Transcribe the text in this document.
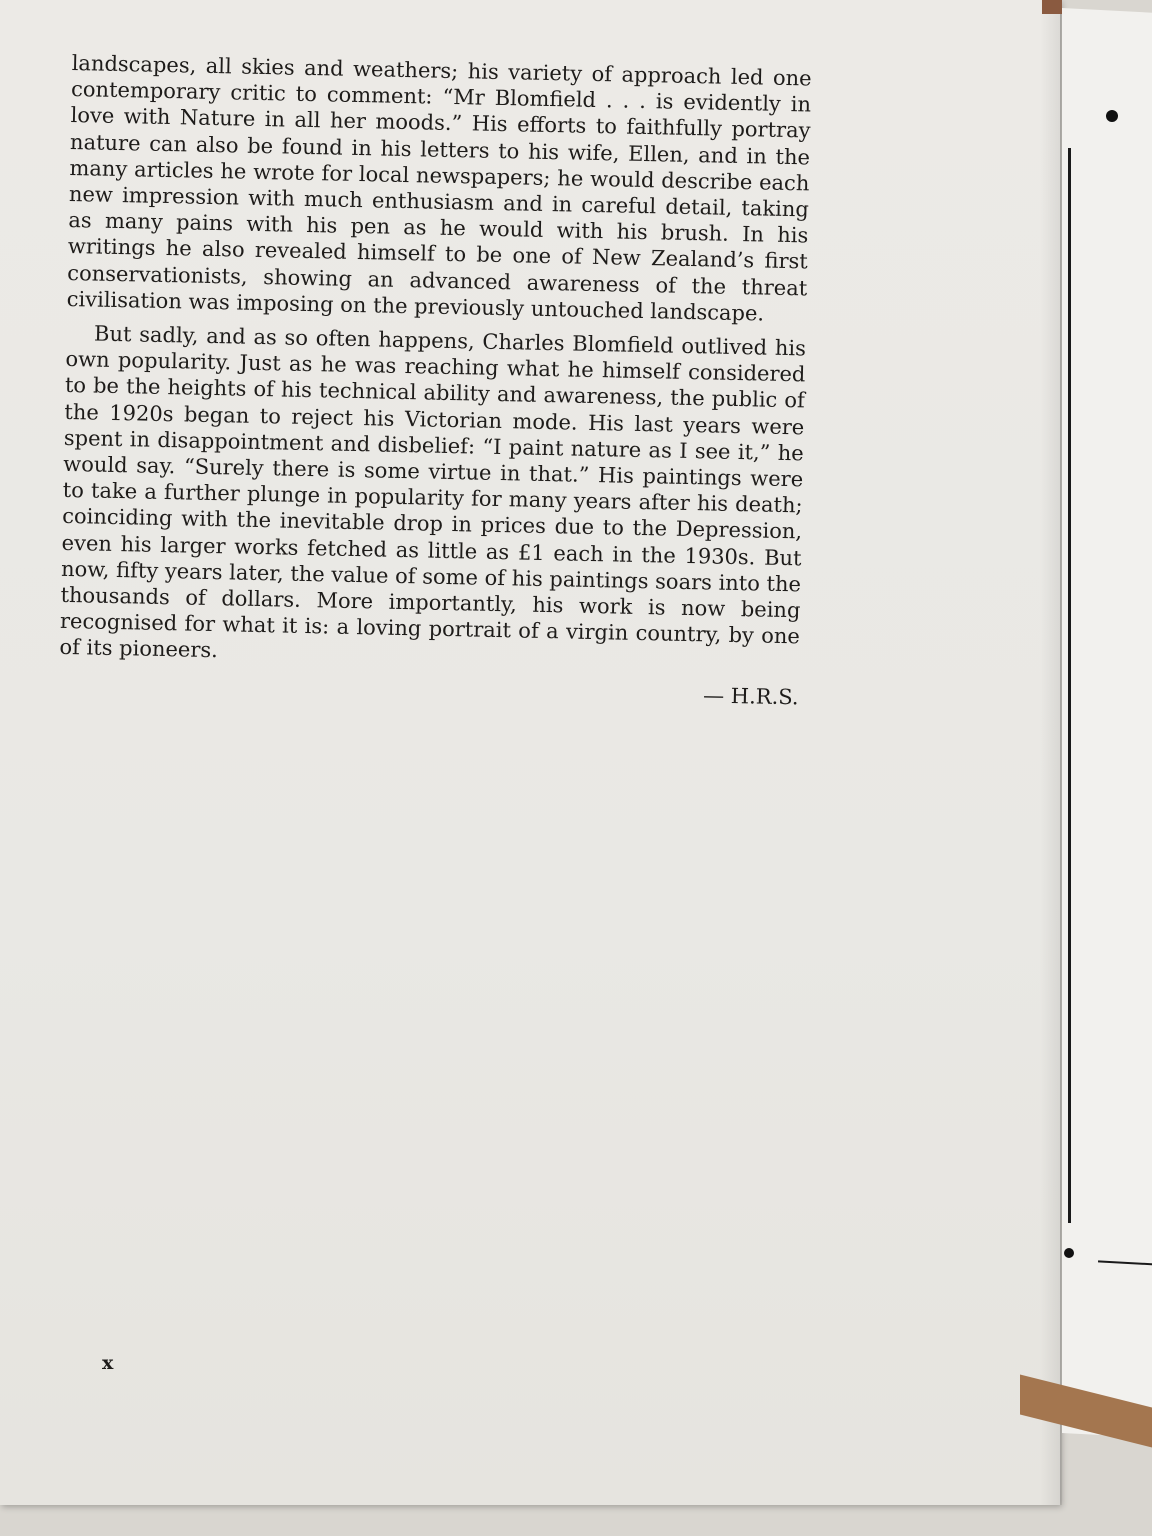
landscapes, all skies and weathers; his variety of approach led one contemporary critic to comment: “Mr Blomfield . . . is evidently in love with Nature in all her moods.” His efforts to faithfully portray nature can also be found in his letters to his wife, Ellen, and in the many articles he wrote for local newspapers; he would describe each new impression with much enthusiasm and in careful detail, taking as many pains with his pen as he would with his brush. In his writings he also revealed himself to be one of New Zealand’s first conservationists, showing an advanced awareness of the threat civilisation was imposing on the previously untouched landscape.

But sadly, and as so often happens, Charles Blomfield outlived his own popularity. Just as he was reaching what he himself considered to be the heights of his technical ability and awareness, the public of the 1920s began to reject his Victorian mode. His last years were spent in disappointment and disbelief: “I paint nature as I see it,” he would say. “Surely there is some virtue in that.” His paintings were to take a further plunge in popularity for many years after his death; coinciding with the inevitable drop in prices due to the Depression, even his larger works fetched as little as £1 each in the 1930s. But now, fifty years later, the value of some of his paintings soars into the thousands of dollars. More importantly, his work is now being recognised for what it is: a loving portrait of a virgin country, by one of its pioneers.

— H.R.S.
x
